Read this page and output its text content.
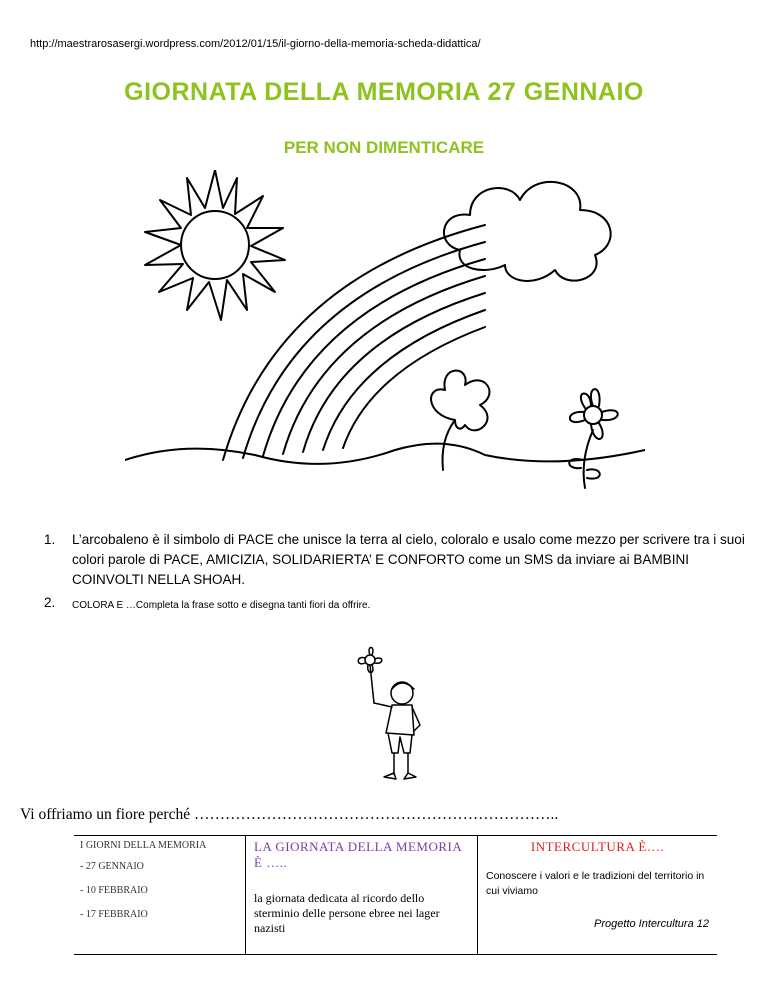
http://maestrarosasergi.wordpress.com/2012/01/15/il-giorno-della-memoria-scheda-didattica/
GIORNATA DELLA MEMORIA 27 GENNAIO
PER NON DIMENTICARE
1. L’arcobaleno è il simbolo di PACE che unisce la terra al cielo, coloralo e usalo come mezzo per scrivere tra i suoi colori parole di PACE, AMICIZIA, SOLIDARIERTA’ E CONFORTO come un SMS da inviare ai BAMBINI COINVOLTI NELLA SHOAH.
2. COLORA E …Completa la frase sotto e disegna tanti fiori da offrire.
Vi offriamo un fiore perché ……………………………………………………………..
I GIORNI DELLA MEMORIA
- 27 GENNAIO
- 10 FEBBRAIO
- 17 FEBBRAIO
LA GIORNATA DELLA MEMORIA È …..
la giornata dedicata al ricordo dello sterminio delle persone ebree nei lager nazisti
INTERCULTURA È….
Conoscere i valori e le tradizioni del territorio in cui viviamo
Progetto Intercultura 12
